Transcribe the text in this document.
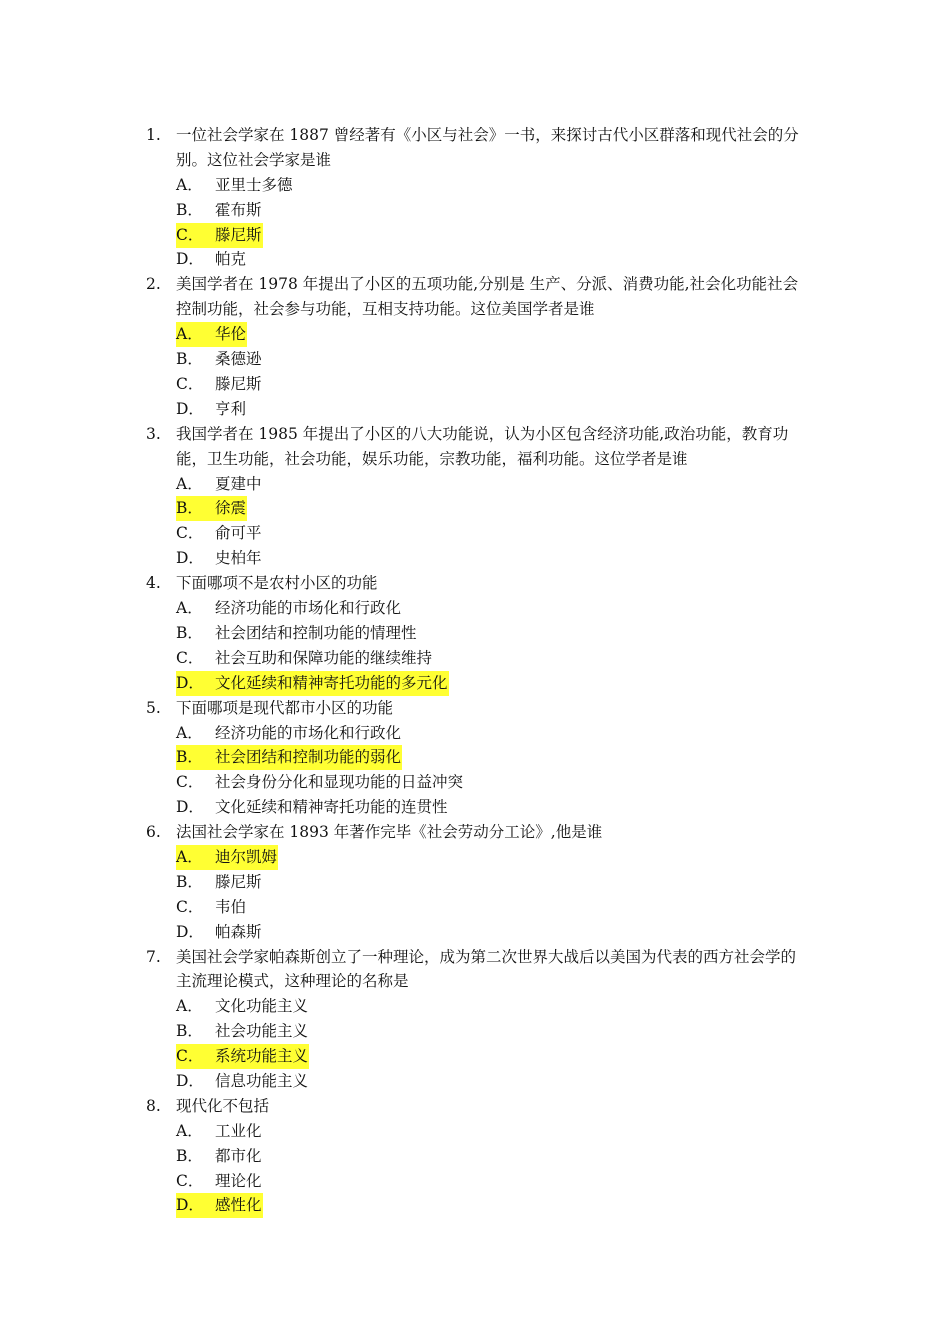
1. 一位社会学家在 1887 曾经著有《小区与社会》一书，来探讨古代小区群落和现代社会的分别。这位社会学家是谁
A． 亚里士多德
B． 霍布斯
C． 滕尼斯
D． 帕克
2. 美国学者在 1978 年提出了小区的五项功能,分别是 生产、分派、消费功能,社会化功能社会控制功能，社会参与功能，互相支持功能。这位美国学者是谁
A． 华伦
B． 桑德逊
C． 滕尼斯
D． 亨利
3. 我国学者在 1985 年提出了小区的八大功能说，认为小区包含经济功能,政治功能，教育功能，卫生功能，社会功能，娱乐功能，宗教功能，福利功能。这位学者是谁
A． 夏建中
B． 徐震
C． 俞可平
D． 史柏年
4. 下面哪项不是农村小区的功能
A． 经济功能的市场化和行政化
B． 社会团结和控制功能的情理性
C． 社会互助和保障功能的继续维持
D． 文化延续和精神寄托功能的多元化
5. 下面哪项是现代都市小区的功能
A． 经济功能的市场化和行政化
B． 社会团结和控制功能的弱化
C． 社会身份分化和显现功能的日益冲突
D． 文化延续和精神寄托功能的连贯性
6. 法国社会学家在 1893 年著作完毕《社会劳动分工论》,他是谁
A． 迪尔凯姆
B． 滕尼斯
C． 韦伯
D． 帕森斯
7. 美国社会学家帕森斯创立了一种理论，成为第二次世界大战后以美国为代表的西方社会学的主流理论模式，这种理论的名称是
A． 文化功能主义
B． 社会功能主义
C． 系统功能主义
D． 信息功能主义
8. 现代化不包括
A． 工业化
B． 都市化
C． 理论化
D． 感性化
